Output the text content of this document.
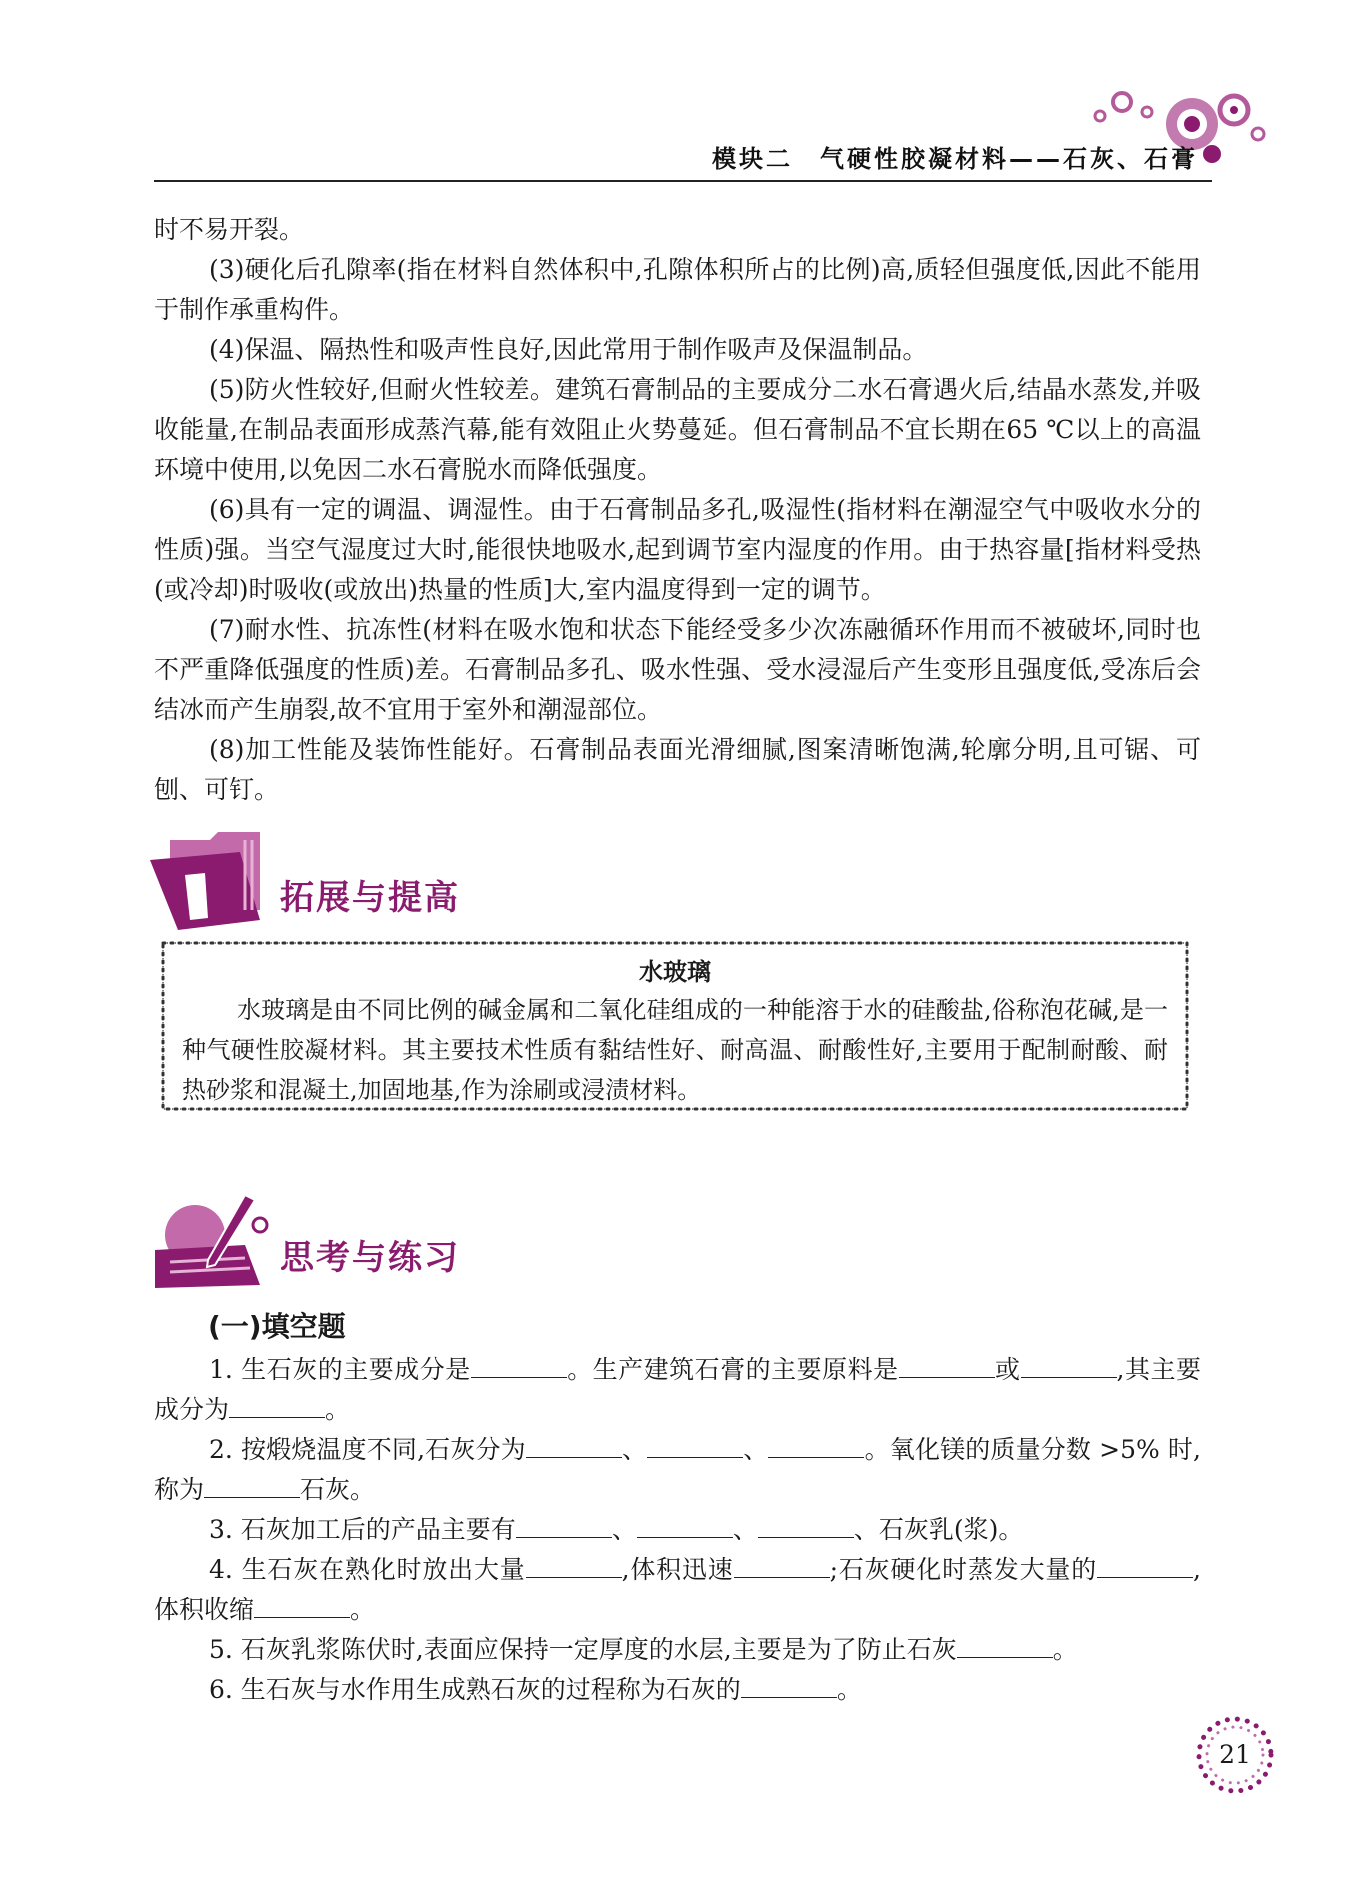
模块二　气硬性胶凝材料——石灰、石膏

时不易开裂。

(3)硬化后孔隙率(指在材料自然体积中,孔隙体积所占的比例)高,质轻但强度低,因此不能用于制作承重构件。

(4)保温、隔热性和吸声性良好,因此常用于制作吸声及保温制品。

(5)防火性较好,但耐火性较差。建筑石膏制品的主要成分二水石膏遇火后,结晶水蒸发,并吸收能量,在制品表面形成蒸汽幕,能有效阻止火势蔓延。但石膏制品不宜长期在65 ℃以上的高温环境中使用,以免因二水石膏脱水而降低强度。

(6)具有一定的调温、调湿性。由于石膏制品多孔,吸湿性(指材料在潮湿空气中吸收水分的性质)强。当空气湿度过大时,能很快地吸水,起到调节室内湿度的作用。由于热容量[指材料受热(或冷却)时吸收(或放出)热量的性质]大,室内温度得到一定的调节。

(7)耐水性、抗冻性(材料在吸水饱和状态下能经受多少次冻融循环作用而不被破坏,同时也不严重降低强度的性质)差。石膏制品多孔、吸水性强、受水浸湿后产生变形且强度低,受冻后会结冰而产生崩裂,故不宜用于室外和潮湿部位。

(8)加工性能及装饰性能好。石膏制品表面光滑细腻,图案清晰饱满,轮廓分明,且可锯、可刨、可钉。

拓展与提高
水玻璃
水玻璃是由不同比例的碱金属和二氧化硅组成的一种能溶于水的硅酸盐,俗称泡花碱,是一种气硬性胶凝材料。其主要技术性质有黏结性好、耐高温、耐酸性好,主要用于配制耐酸、耐热砂浆和混凝土,加固地基,作为涂刷或浸渍材料。
思考与练习
(一)填空题

1. 生石灰的主要成分是	。生产建筑石膏的主要原料是	或	,其主要成分为	。

2. 按煅烧温度不同,石灰分为	、	、	。氧化镁的质量分数 >5% 时,称为	石灰。

3. 石灰加工后的产品主要有	、	、	、石灰乳(浆)。

4. 生石灰在熟化时放出大量	,体积迅速	;石灰硬化时蒸发大量的	,体积收缩	。

5. 石灰乳浆陈伏时,表面应保持一定厚度的水层,主要是为了防止石灰	。

6. 生石灰与水作用生成熟石灰的过程称为石灰的	。

21
